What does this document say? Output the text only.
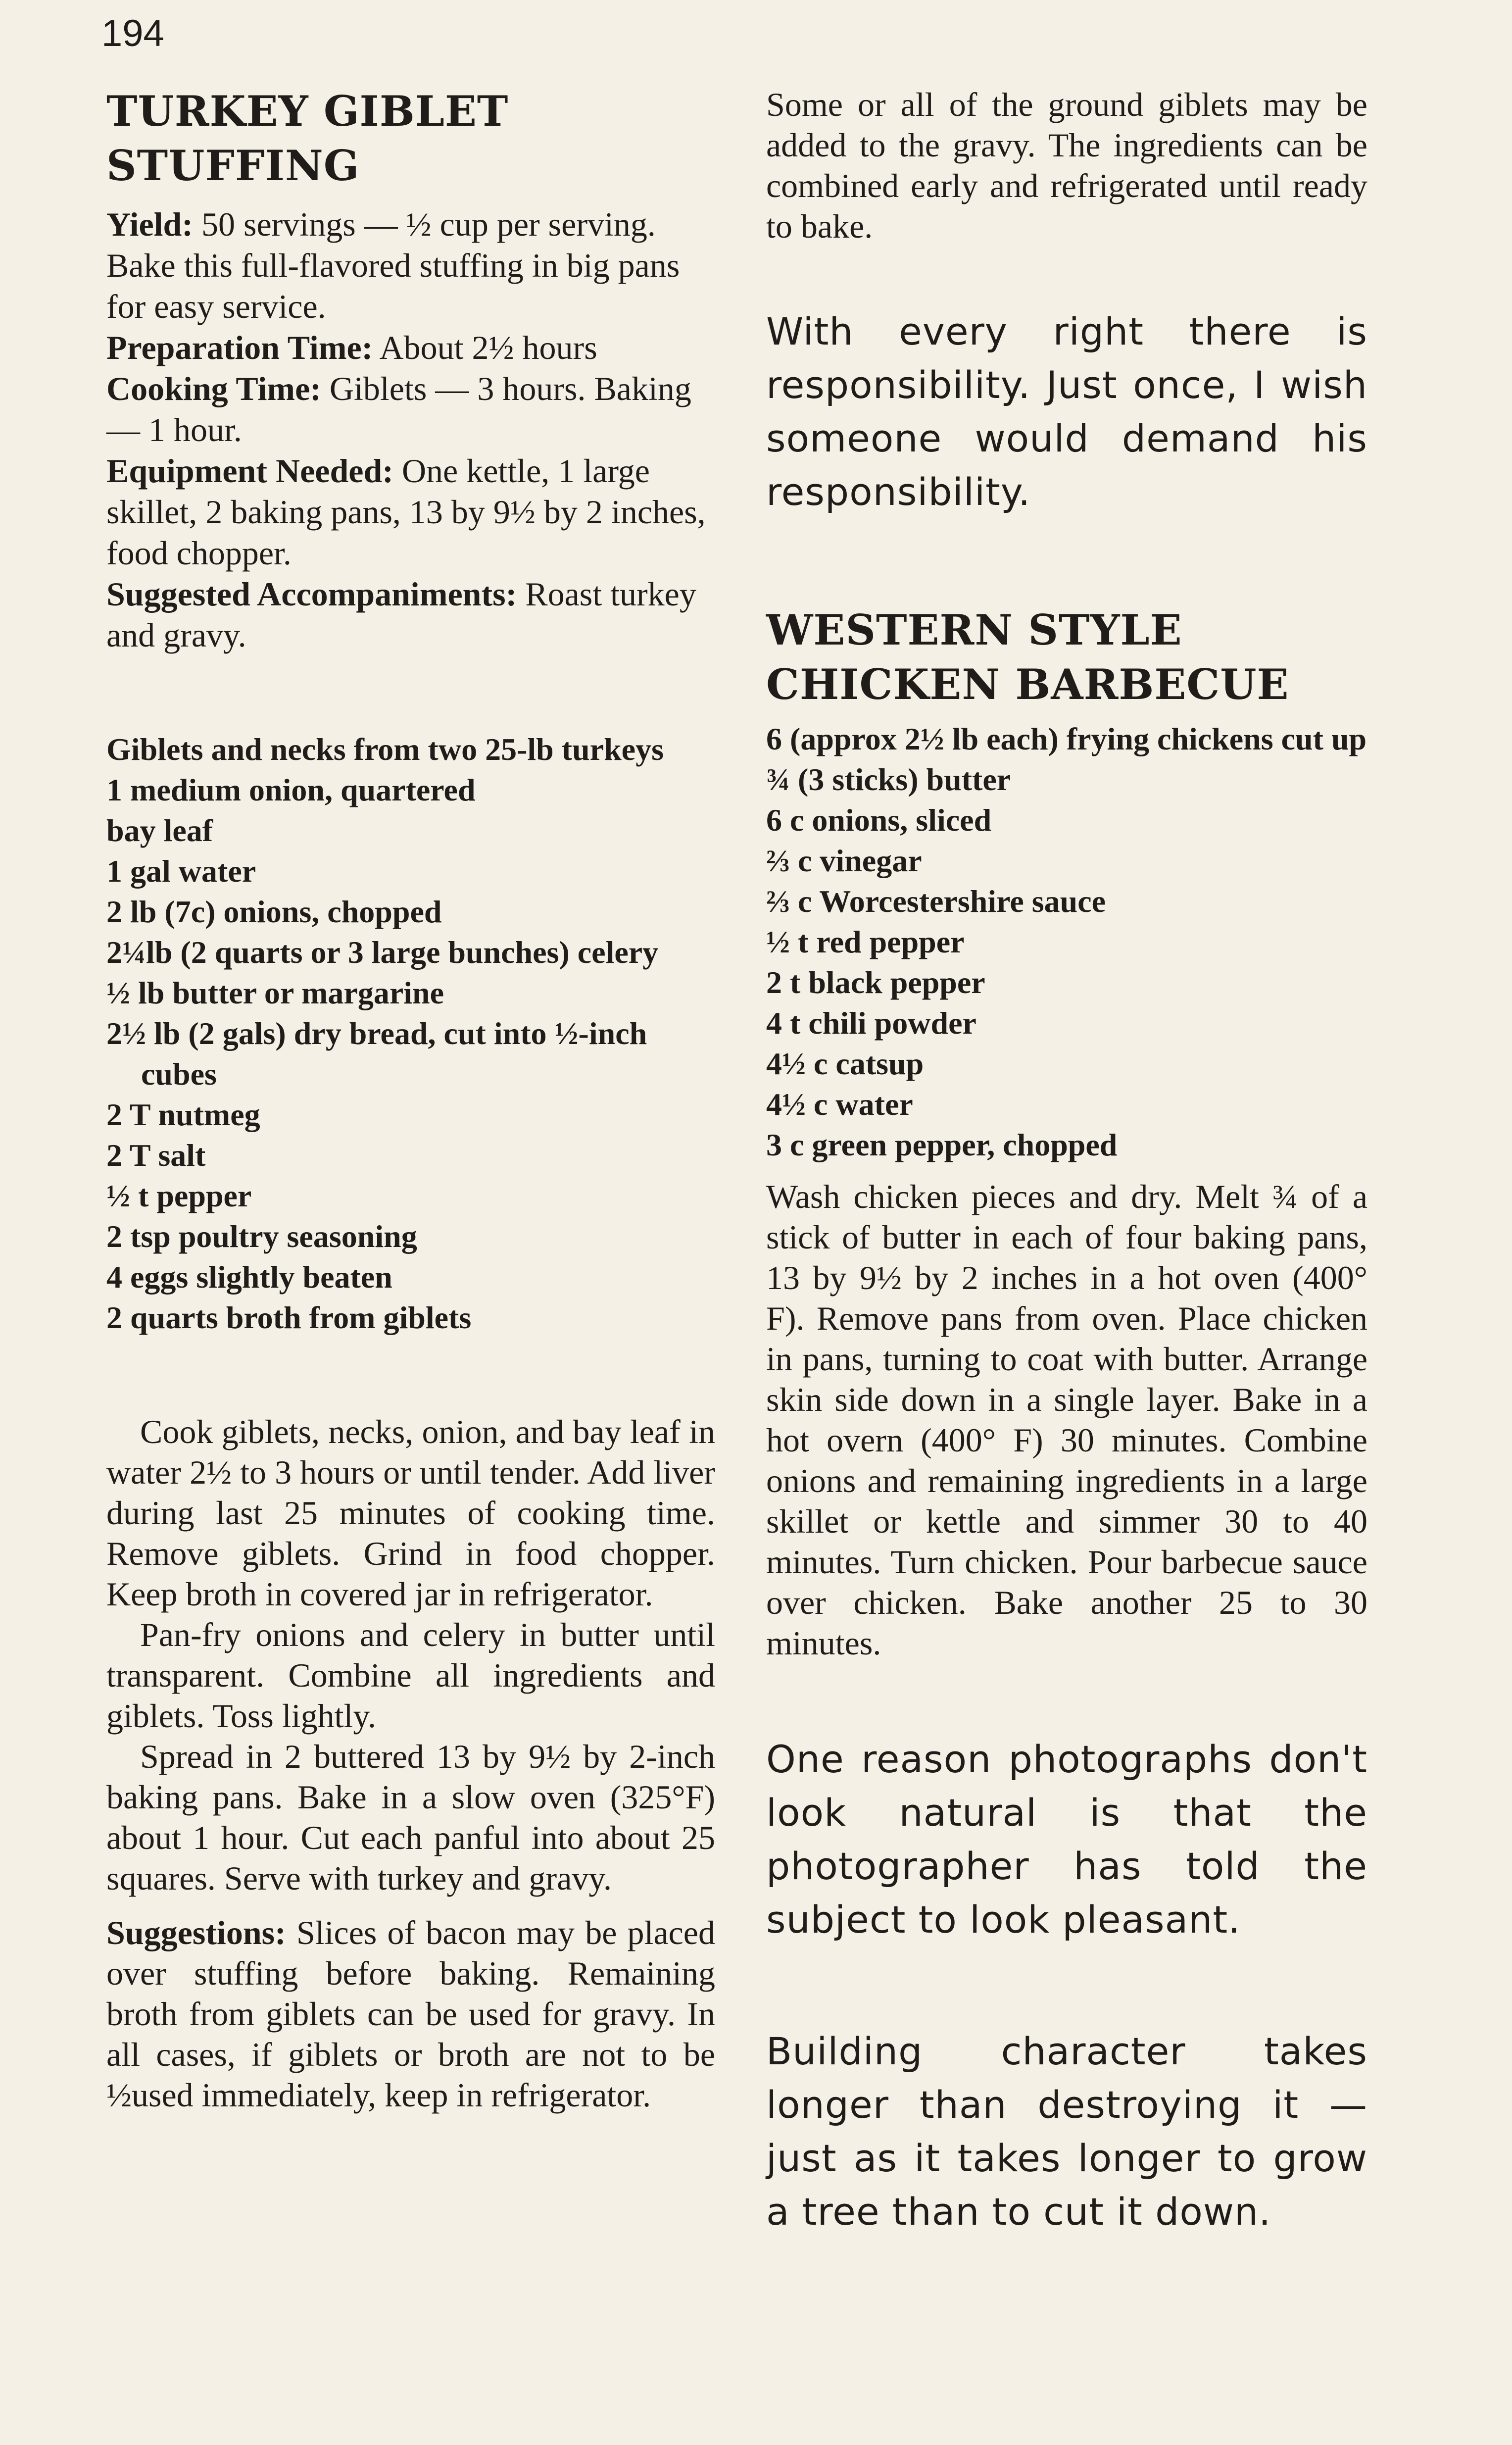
194
TURKEY GIBLET
STUFFING

Yield: 50 servings — ½ cup per serving. Bake this full-flavored stuffing in big pans for easy service.

Preparation Time: About 2½ hours

Cooking Time: Giblets — 3 hours. Baking — 1 hour.

Equipment Needed: One kettle, 1 large skillet, 2 baking pans, 13 by 9½ by 2 inches, food chopper.

Suggested Accompaniments: Roast turkey and gravy.

Giblets and necks from two 25-lb turkeys
1 medium onion, quartered
bay leaf
1 gal water
2 lb (7c) onions, chopped
2¼lb (2 quarts or 3 large bunches) celery
½ lb butter or margarine
2½ lb (2 gals) dry bread, cut into ½-inch cubes
2 T nutmeg
2 T salt
½ t pepper
2 tsp poultry seasoning
4 eggs slightly beaten
2 quarts broth from giblets

Cook giblets, necks, onion, and bay leaf in water 2½ to 3 hours or until tender. Add liver during last 25 minutes of cooking time. Remove giblets. Grind in food chopper. Keep broth in covered jar in refrigerator.

Pan-fry onions and celery in butter until transparent. Combine all ingredients and giblets. Toss lightly.

Spread in 2 buttered 13 by 9½ by 2-inch baking pans. Bake in a slow oven (325°F) about 1 hour. Cut each panful into about 25 squares. Serve with turkey and gravy.

Suggestions: Slices of bacon may be placed over stuffing before baking. Remaining broth from giblets can be used for gravy. In all cases, if giblets or broth are not to be ½used immediately, keep in refrigerator.

Some or all of the ground giblets may be added to the gravy. The ingredients can be combined early and refrigerated until ready to bake.

With every right there is responsibility. Just once, I wish someone would demand his responsibility.

WESTERN STYLE
CHICKEN BARBECUE
6 (approx 2½ lb each) frying chickens cut up
¾ (3 sticks) butter
6 c onions, sliced
⅔ c vinegar
⅔ c Worcestershire sauce
½ t red pepper
2 t black pepper
4 t chili powder
4½ c catsup
4½ c water
3 c green pepper, chopped

Wash chicken pieces and dry. Melt ¾ of a stick of butter in each of four baking pans, 13 by 9½ by 2 inches in a hot oven (400° F). Remove pans from oven. Place chicken in pans, turning to coat with butter. Arrange skin side down in a single layer. Bake in a hot overn (400° F) 30 minutes. Combine onions and remaining ingredients in a large skillet or kettle and simmer 30 to 40 minutes. Turn chicken. Pour barbecue sauce over chicken. Bake another 25 to 30 minutes.

One reason photographs don't look natural is that the photographer has told the subject to look pleasant.

Building character takes longer than destroying it — just as it takes longer to grow a tree than to cut it down.
